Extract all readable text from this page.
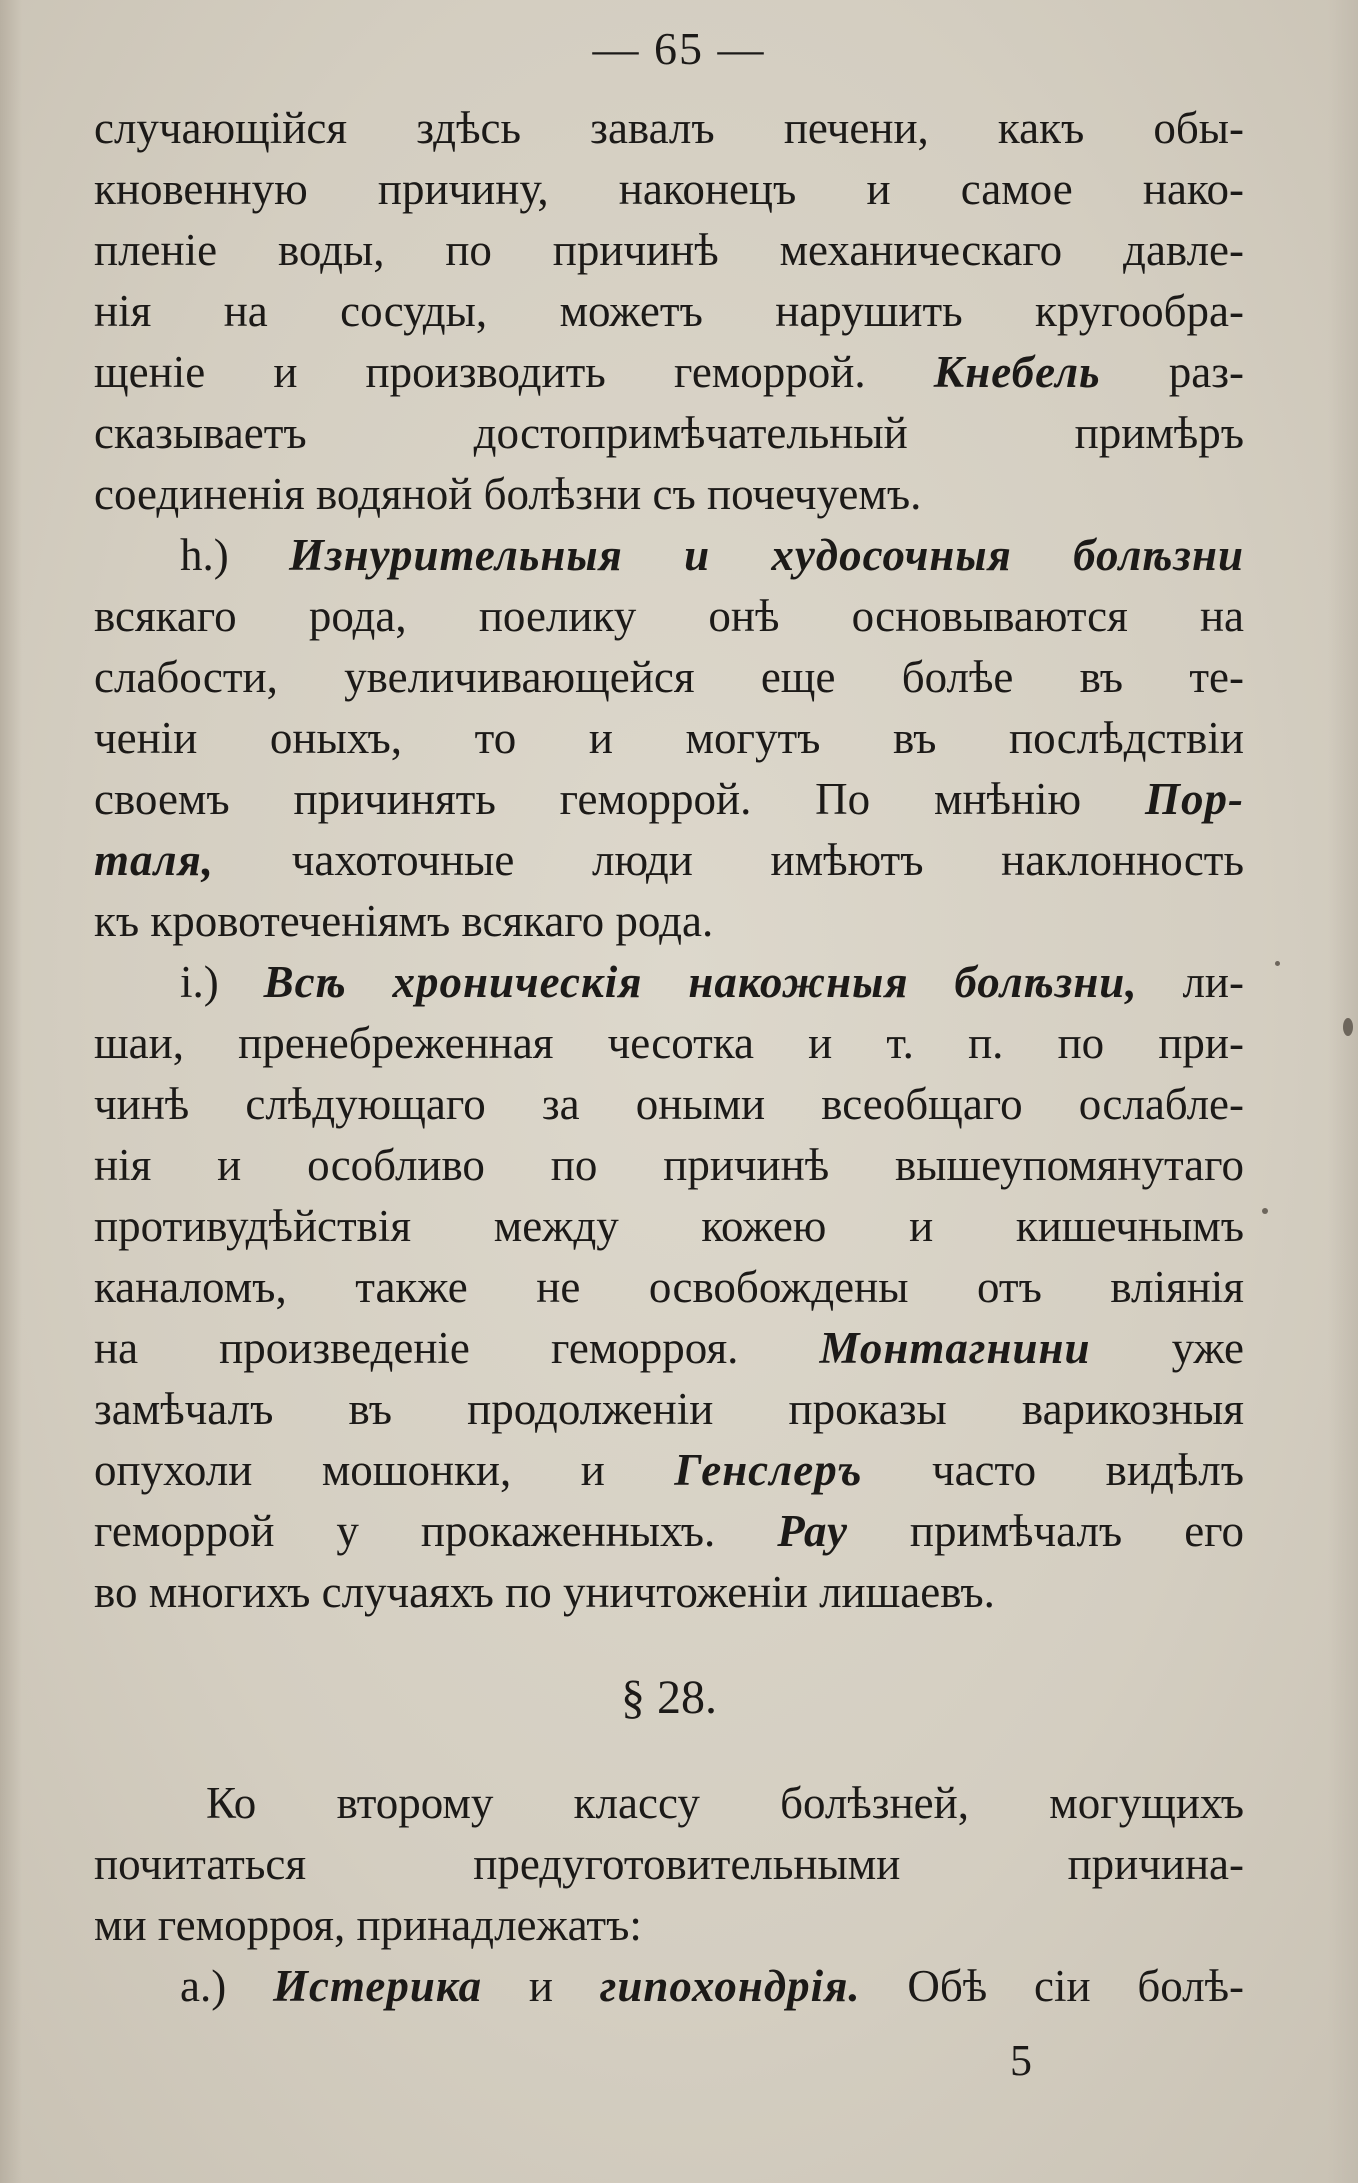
— 65 —
случающійся здѣсь завалъ печени, какъ обы-
кновенную причину, наконецъ и самое нако-
пленіе воды, по причинѣ механическаго давле-
нія на сосуды, можетъ нарушить кругообра-
щеніе и производить геморрой. Кнебель раз-
сказываетъ достопримѣчательный примѣръ
соединенія водяной болѣзни съ почечуемъ.
h.) Изнурительныя и худосочныя болѣзни
всякаго рода, поелику онѣ основываются на
слабости, увеличивающейся еще болѣе въ те-
ченіи оныхъ, то и могутъ въ послѣдствіи
своемъ причинять геморрой. По мнѣнію Пор-
таля, чахоточные люди имѣютъ наклонность
къ кровотеченіямъ всякаго рода.
i.) Всѣ хроническія накожныя болѣзни, ли-
шаи, пренебреженная чесотка и т. п. по при-
чинѣ слѣдующаго за оными всеобщаго ослабле-
нія и особливо по причинѣ вышеупомянутаго
противудѣйствія между кожею и кишечнымъ
каналомъ, также не освобождены отъ вліянія
на произведеніе геморроя. Монтагнини уже
замѣчалъ въ продолженіи проказы варикозныя
опухоли мошонки, и Генслеръ часто видѣлъ
геморрой у прокаженныхъ. Рау примѣчалъ его
во многихъ случаяхъ по уничтоженіи лишаевъ.
§ 28.
Ко второму классу болѣзней, могущихъ
почитаться предуготовительными причина-
ми геморроя, принадлежатъ:
а.) Истерика и гипохондрія. Обѣ сіи болѣ-
5
